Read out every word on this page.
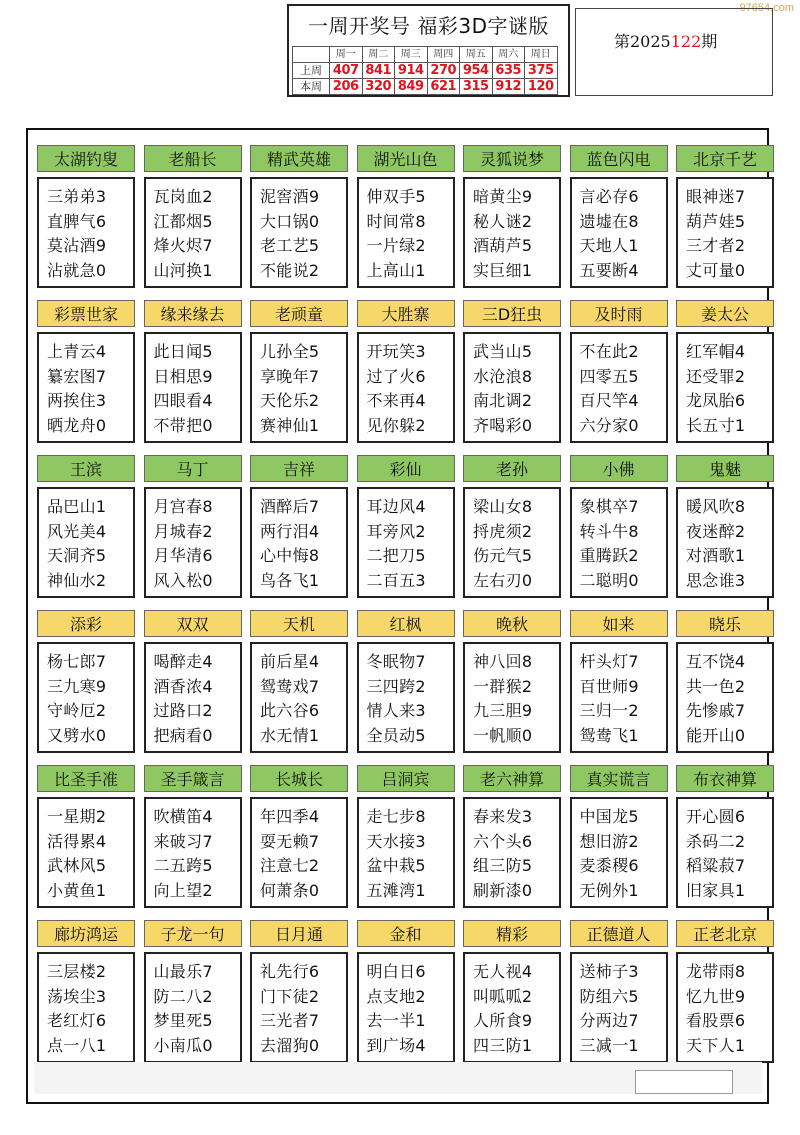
97654.com
一周开奖号 福彩3D字谜版
	周一	周二	周三	周四	周五	周六	周日
上周	407	841	914	270	954	635	375
本周	206	320	849	621	315	912	120
第2025122期
太湖钓叟
三弟弟3
直脾气6
莫沾酒9
沾就急0
老船长
瓦岗血2
江都烟5
烽火烬7
山河换1
精武英雄
泥窖酒9
大口锅0
老工艺5
不能说2
湖光山色
伸双手5
时间常8
一片绿2
上高山1
灵狐说梦
暗黄尘9
秘人谜2
酒葫芦5
实巨细1
蓝色闪电
言必存6
遗墟在8
天地人1
五要断4
北京千艺
眼神迷7
葫芦娃5
三才者2
丈可量0
彩票世家
上青云4
纂宏图7
两挨住3
晒龙舟0
缘来缘去
此日闻5
日相思9
四眼看4
不带把0
老顽童
儿孙全5
享晚年7
天伦乐2
赛神仙1
大胜寨
开玩笑3
过了火6
不来再4
见你躲2
三D狂虫
武当山5
水沧浪8
南北调2
齐喝彩0
及时雨
不在此2
四零五5
百尺竿4
六分家0
姜太公
红军帽4
还受罪2
龙凤胎6
长五寸1
王滨
品巴山1
风光美4
天洞齐5
神仙水2
马丁
月宫春8
月城春2
月华清6
风入松0
吉祥
酒醉后7
两行泪4
心中悔8
鸟各飞1
彩仙
耳边风4
耳旁风2
二把刀5
二百五3
老孙
梁山女8
捋虎须2
伤元气5
左右刃0
小佛
象棋卒7
转斗牛8
重腾跃2
二聪明0
鬼魅
暖风吹8
夜迷醉2
对酒歌1
思念谁3
添彩
杨七郎7
三九寒9
守岭厄2
又劈水0
双双
喝醉走4
酒香浓4
过路口2
把病看0
天机
前后星4
鸳鸯戏7
此六谷6
水无情1
红枫
冬眠物7
三四跨2
情人来3
全员动5
晚秋
神八回8
一群猴2
九三胆9
一帆顺0
如来
杆头灯7
百世师9
三归一2
鸳鸯飞1
晓乐
互不饶4
共一色2
先惨戚7
能开山0
比圣手准
一星期2
活得累4
武林风5
小黄鱼1
圣手箴言
吹横笛4
来破习7
二五跨5
向上望2
长城长
年四季4
耍无赖7
注意七2
何萧条0
吕洞宾
走七步8
天水接3
盆中栽5
五滩湾1
老六神算
春来发3
六个头6
组三防5
刷新漆0
真实谎言
中国龙5
想旧游2
麦黍稷6
无例外1
布衣神算
开心圆6
杀码二2
稻粱菽7
旧家具1
廊坊鸿运
三层楼2
荡埃尘3
老红灯6
点一八1
子龙一句
山最乐7
防二八2
梦里死5
小南瓜0
日月通
礼先行6
门下徒2
三光者7
去溜狗0
金和
明白日6
点支地2
去一半1
到广场4
精彩
无人视4
叫呱呱2
人所食9
四三防1
正德道人
送柿子3
防组六5
分两边7
三减一1
正老北京
龙带雨8
忆九世9
看股票6
天下人1
